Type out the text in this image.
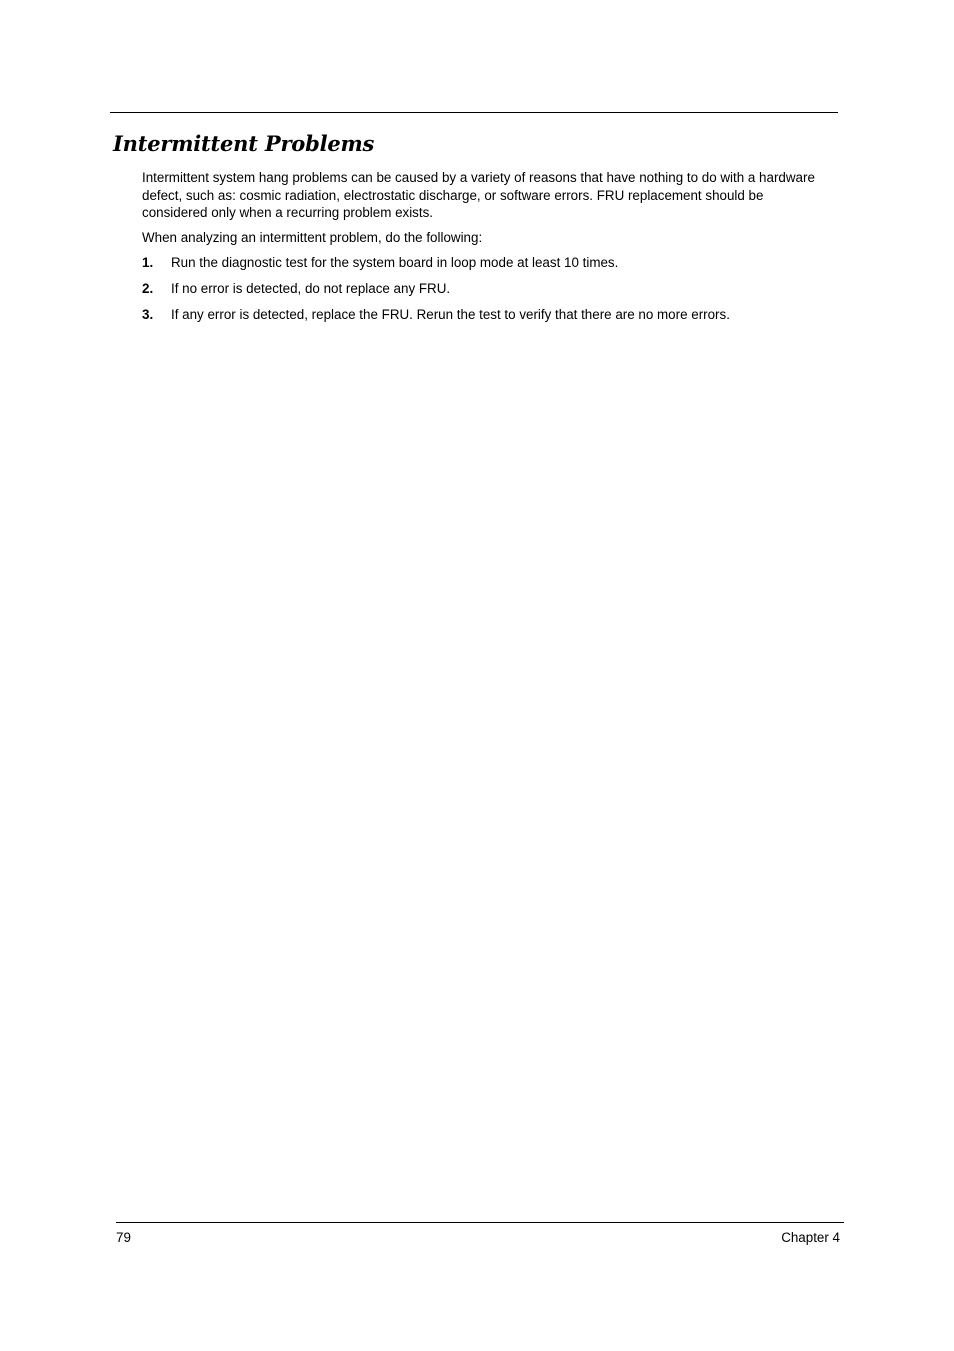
Intermittent Problems

Intermittent system hang problems can be caused by a variety of reasons that have nothing to do with a hardware defect, such as: cosmic radiation, electrostatic discharge, or software errors. FRU replacement should be considered only when a recurring problem exists.

When analyzing an intermittent problem, do the following:

1. Run the diagnostic test for the system board in loop mode at least 10 times.
2. If no error is detected, do not replace any FRU.
3. If any error is detected, replace the FRU. Rerun the test to verify that there are no more errors.
79	Chapter 4
